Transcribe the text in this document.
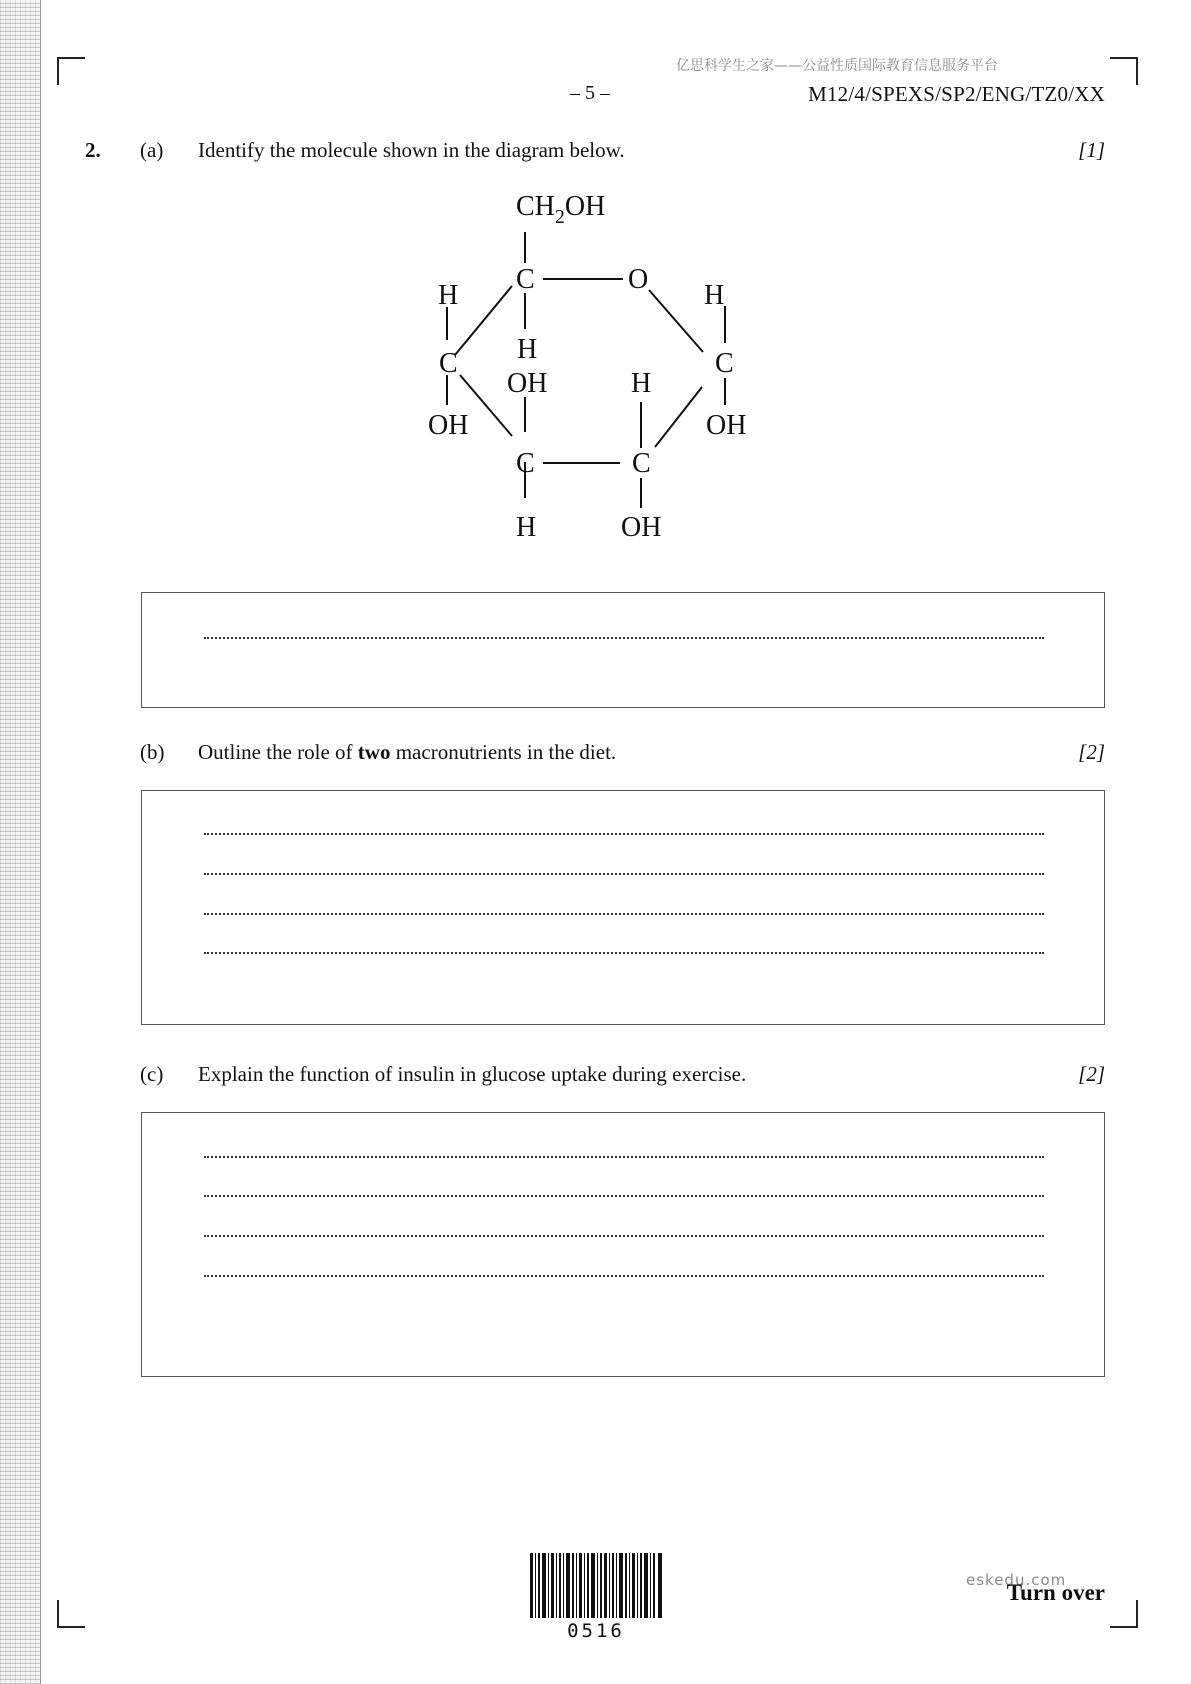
亿思科学生之家——公益性质国际教育信息服务平台
– 5 –	M12/4/SPEXS/SP2/ENG/TZ0/XX
2. (a) Identify the molecule shown in the diagram below.	[1]
$CH_2OH$
C	O
H	H
H
C	C
OH	H
OH	OH
C	C
H	OH
(b) Outline the role of two macronutrients in the diet.	[2]
(c) Explain the function of insulin in glucose uptake during exercise.	[2]
0516
eskedu.com
Turn over
